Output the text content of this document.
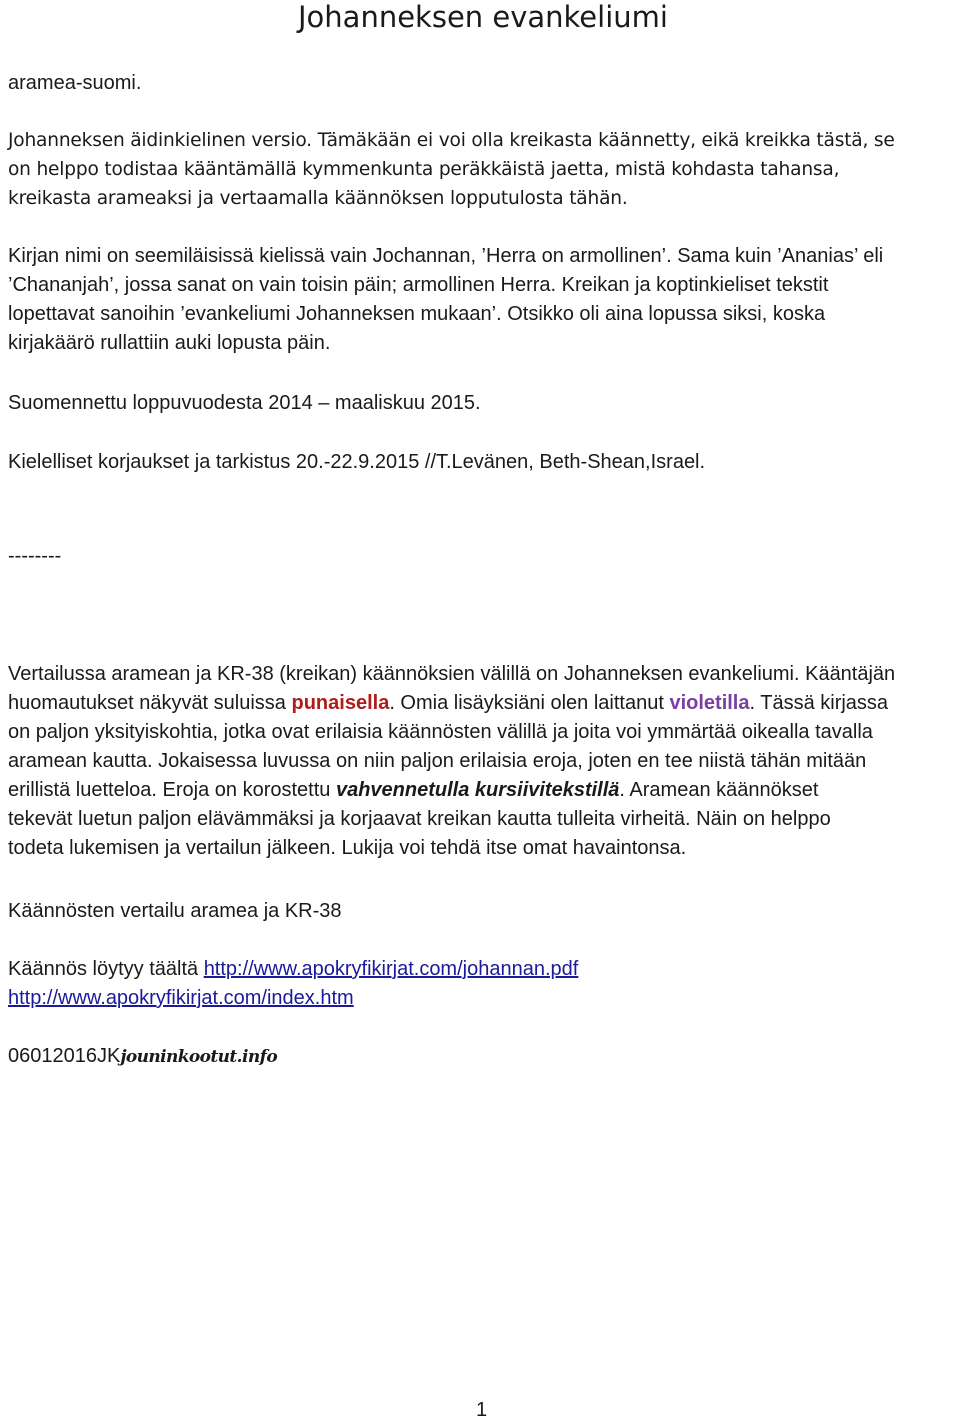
Johanneksen evankeliumi
aramea-suomi.
Johanneksen äidinkielinen versio. Tämäkään ei voi olla kreikasta käännetty, eikä kreikka tästä, se
on helppo todistaa kääntämällä kymmenkunta peräkkäistä jaetta, mistä kohdasta tahansa,
kreikasta arameaksi ja vertaamalla käännöksen lopputulosta tähän.
Kirjan nimi on seemiläisissä kielissä vain Jochannan, ’Herra on armollinen’. Sama kuin ’Ananias’ eli
’Chananjah’, jossa sanat on vain toisin päin; armollinen Herra. Kreikan ja koptinkieliset tekstit
lopettavat sanoihin ’evankeliumi Johanneksen mukaan’. Otsikko oli aina lopussa siksi, koska
kirjakäärö rullattiin auki lopusta päin.
Suomennettu loppuvuodesta 2014 – maaliskuu 2015.
Kielelliset korjaukset ja tarkistus 20.-22.9.2015 //T.Levänen, Beth-Shean,Israel.
--------
Vertailussa aramean ja KR-38 (kreikan) käännöksien välillä on Johanneksen evankeliumi. Kääntäjän
huomautukset näkyvät suluissa punaisella. Omia lisäyksiäni olen laittanut violetilla. Tässä kirjassa
on paljon yksityiskohtia, jotka ovat erilaisia käännösten välillä ja joita voi ymmärtää oikealla tavalla
aramean kautta. Jokaisessa luvussa on niin paljon erilaisia eroja, joten en tee niistä tähän mitään
erillistä luetteloa. Eroja on korostettu vahvennetulla kursiivitekstillä. Aramean käännökset
tekevät luetun paljon elävämmäksi ja korjaavat kreikan kautta tulleita virheitä. Näin on helppo
todeta lukemisen ja vertailun jälkeen. Lukija voi tehdä itse omat havaintonsa.
Käännösten vertailu aramea ja KR-38
Käännös löytyy täältä http://www.apokryfikirjat.com/johannan.pdf
http://www.apokryfikirjat.com/index.htm
06012016JKjouninkootut.info
1
